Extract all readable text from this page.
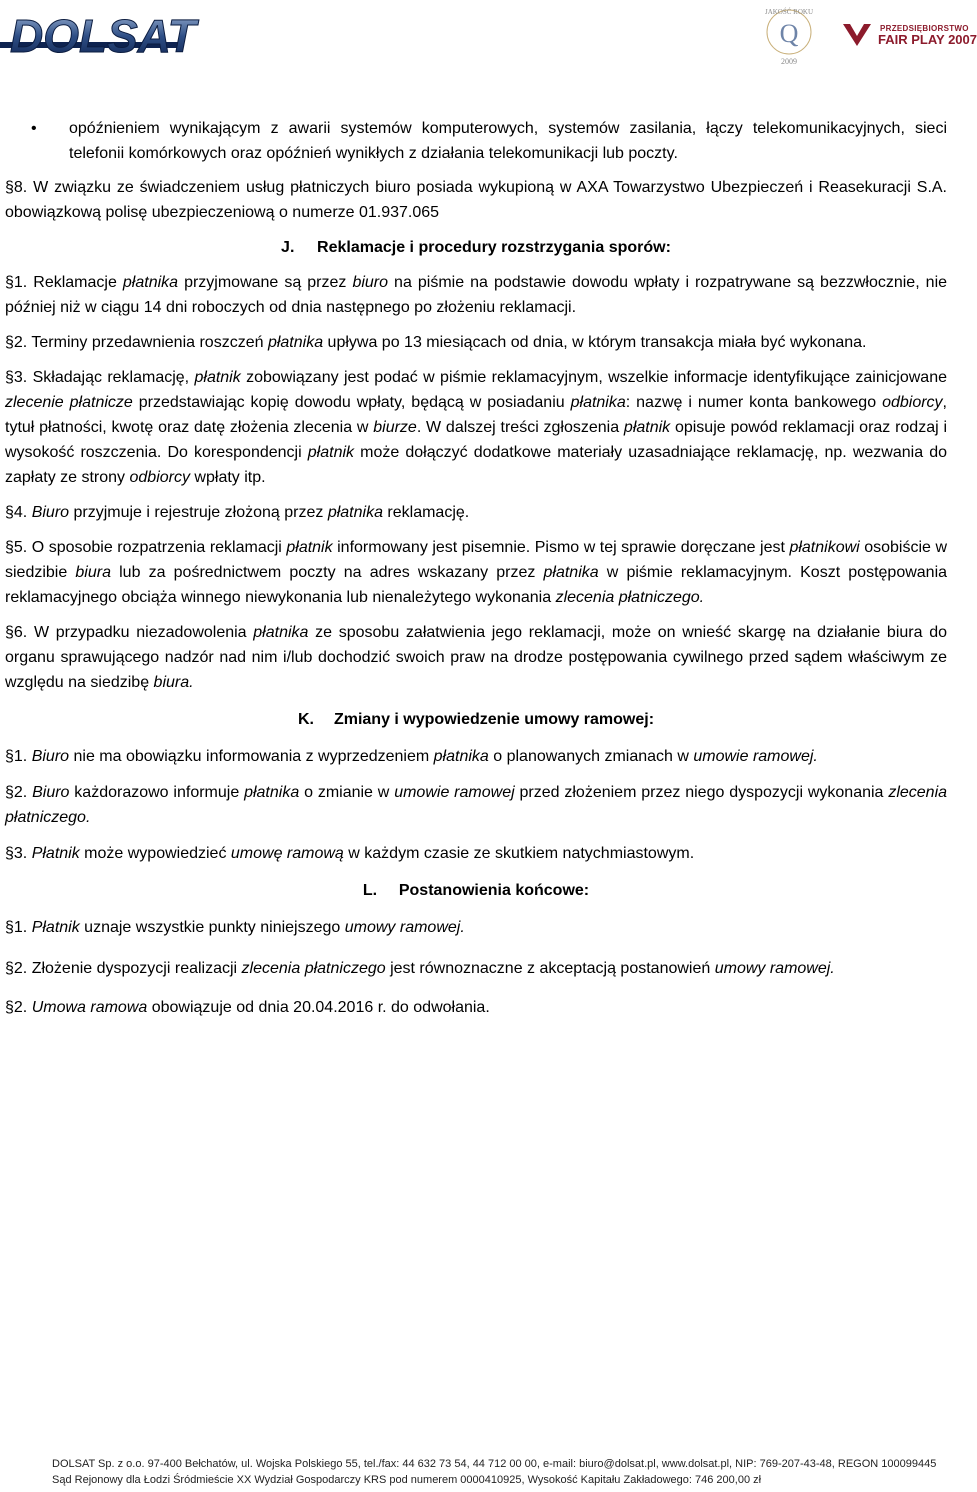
DOLSAT	JAKOŚĆ ROKU
Q
2009
PRZEDSIĘBIORSTWO
FAIR PLAY 2007

• opóźnieniem wynikającym z awarii systemów komputerowych, systemów zasilania, łączy telekomunikacyjnych, sieci telefonii komórkowych oraz opóźnień wynikłych z działania telekomunikacji lub poczty.

§8. W związku ze świadczeniem usług płatniczych biuro posiada wykupioną w AXA Towarzystwo Ubezpieczeń i Reasekuracji S.A. obowiązkową polisę ubezpieczeniową o numerze 01.937.065

J. Reklamacje i procedury rozstrzygania sporów:

§1. Reklamacje płatnika przyjmowane są przez biuro na piśmie na podstawie dowodu wpłaty i rozpatrywane są bezzwłocznie, nie później niż w ciągu 14 dni roboczych od dnia następnego po złożeniu reklamacji.

§2. Terminy przedawnienia roszczeń płatnika upływa po 13 miesiącach od dnia, w którym transakcja miała być wykonana.

§3. Składając reklamację, płatnik zobowiązany jest podać w piśmie reklamacyjnym, wszelkie informacje identyfikujące zainicjowane zlecenie płatnicze przedstawiając kopię dowodu wpłaty, będącą w posiadaniu płatnika: nazwę i numer konta bankowego odbiorcy, tytuł płatności, kwotę oraz datę złożenia zlecenia w biurze. W dalszej treści zgłoszenia płatnik opisuje powód reklamacji oraz rodzaj i wysokość roszczenia. Do korespondencji płatnik może dołączyć dodatkowe materiały uzasadniające reklamację, np. wezwania do zapłaty ze strony odbiorcy wpłaty itp.

§4. Biuro przyjmuje i rejestruje złożoną przez płatnika reklamację.

§5. O sposobie rozpatrzenia reklamacji płatnik informowany jest pisemnie. Pismo w tej sprawie doręczane jest płatnikowi osobiście w siedzibie biura lub za pośrednictwem poczty na adres wskazany przez płatnika w piśmie reklamacyjnym. Koszt postępowania reklamacyjnego obciąża winnego niewykonania lub nienależytego wykonania zlecenia płatniczego.

§6. W przypadku niezadowolenia płatnika ze sposobu załatwienia jego reklamacji, może on wnieść skargę na działanie biura do organu sprawującego nadzór nad nim i/lub dochodzić swoich praw na drodze postępowania cywilnego przed sądem właściwym ze względu na siedzibę biura.

K. Zmiany i wypowiedzenie umowy ramowej:

§1. Biuro nie ma obowiązku informowania z wyprzedzeniem płatnika o planowanych zmianach w umowie ramowej.

§2. Biuro każdorazowo informuje płatnika o zmianie w umowie ramowej przed złożeniem przez niego dyspozycji wykonania zlecenia płatniczego.

§3. Płatnik może wypowiedzieć umowę ramową w każdym czasie ze skutkiem natychmiastowym.

L. Postanowienia końcowe:

§1. Płatnik uznaje wszystkie punkty niniejszego umowy ramowej.

§2. Złożenie dyspozycji realizacji zlecenia płatniczego jest równoznaczne z akceptacją postanowień umowy ramowej.

§2. Umowa ramowa obowiązuje od dnia 20.04.2016 r. do odwołania.

DOLSAT Sp. z o.o. 97-400 Bełchatów, ul. Wojska Polskiego 55, tel./fax: 44 632 73 54, 44 712 00 00, e-mail: biuro@dolsat.pl, www.dolsat.pl, NIP: 769-207-43-48, REGON 100099445
Sąd Rejonowy dla Łodzi Śródmieście XX Wydział Gospodarczy KRS pod numerem 0000410925, Wysokość Kapitału Zakładowego: 746 200,00 zł
